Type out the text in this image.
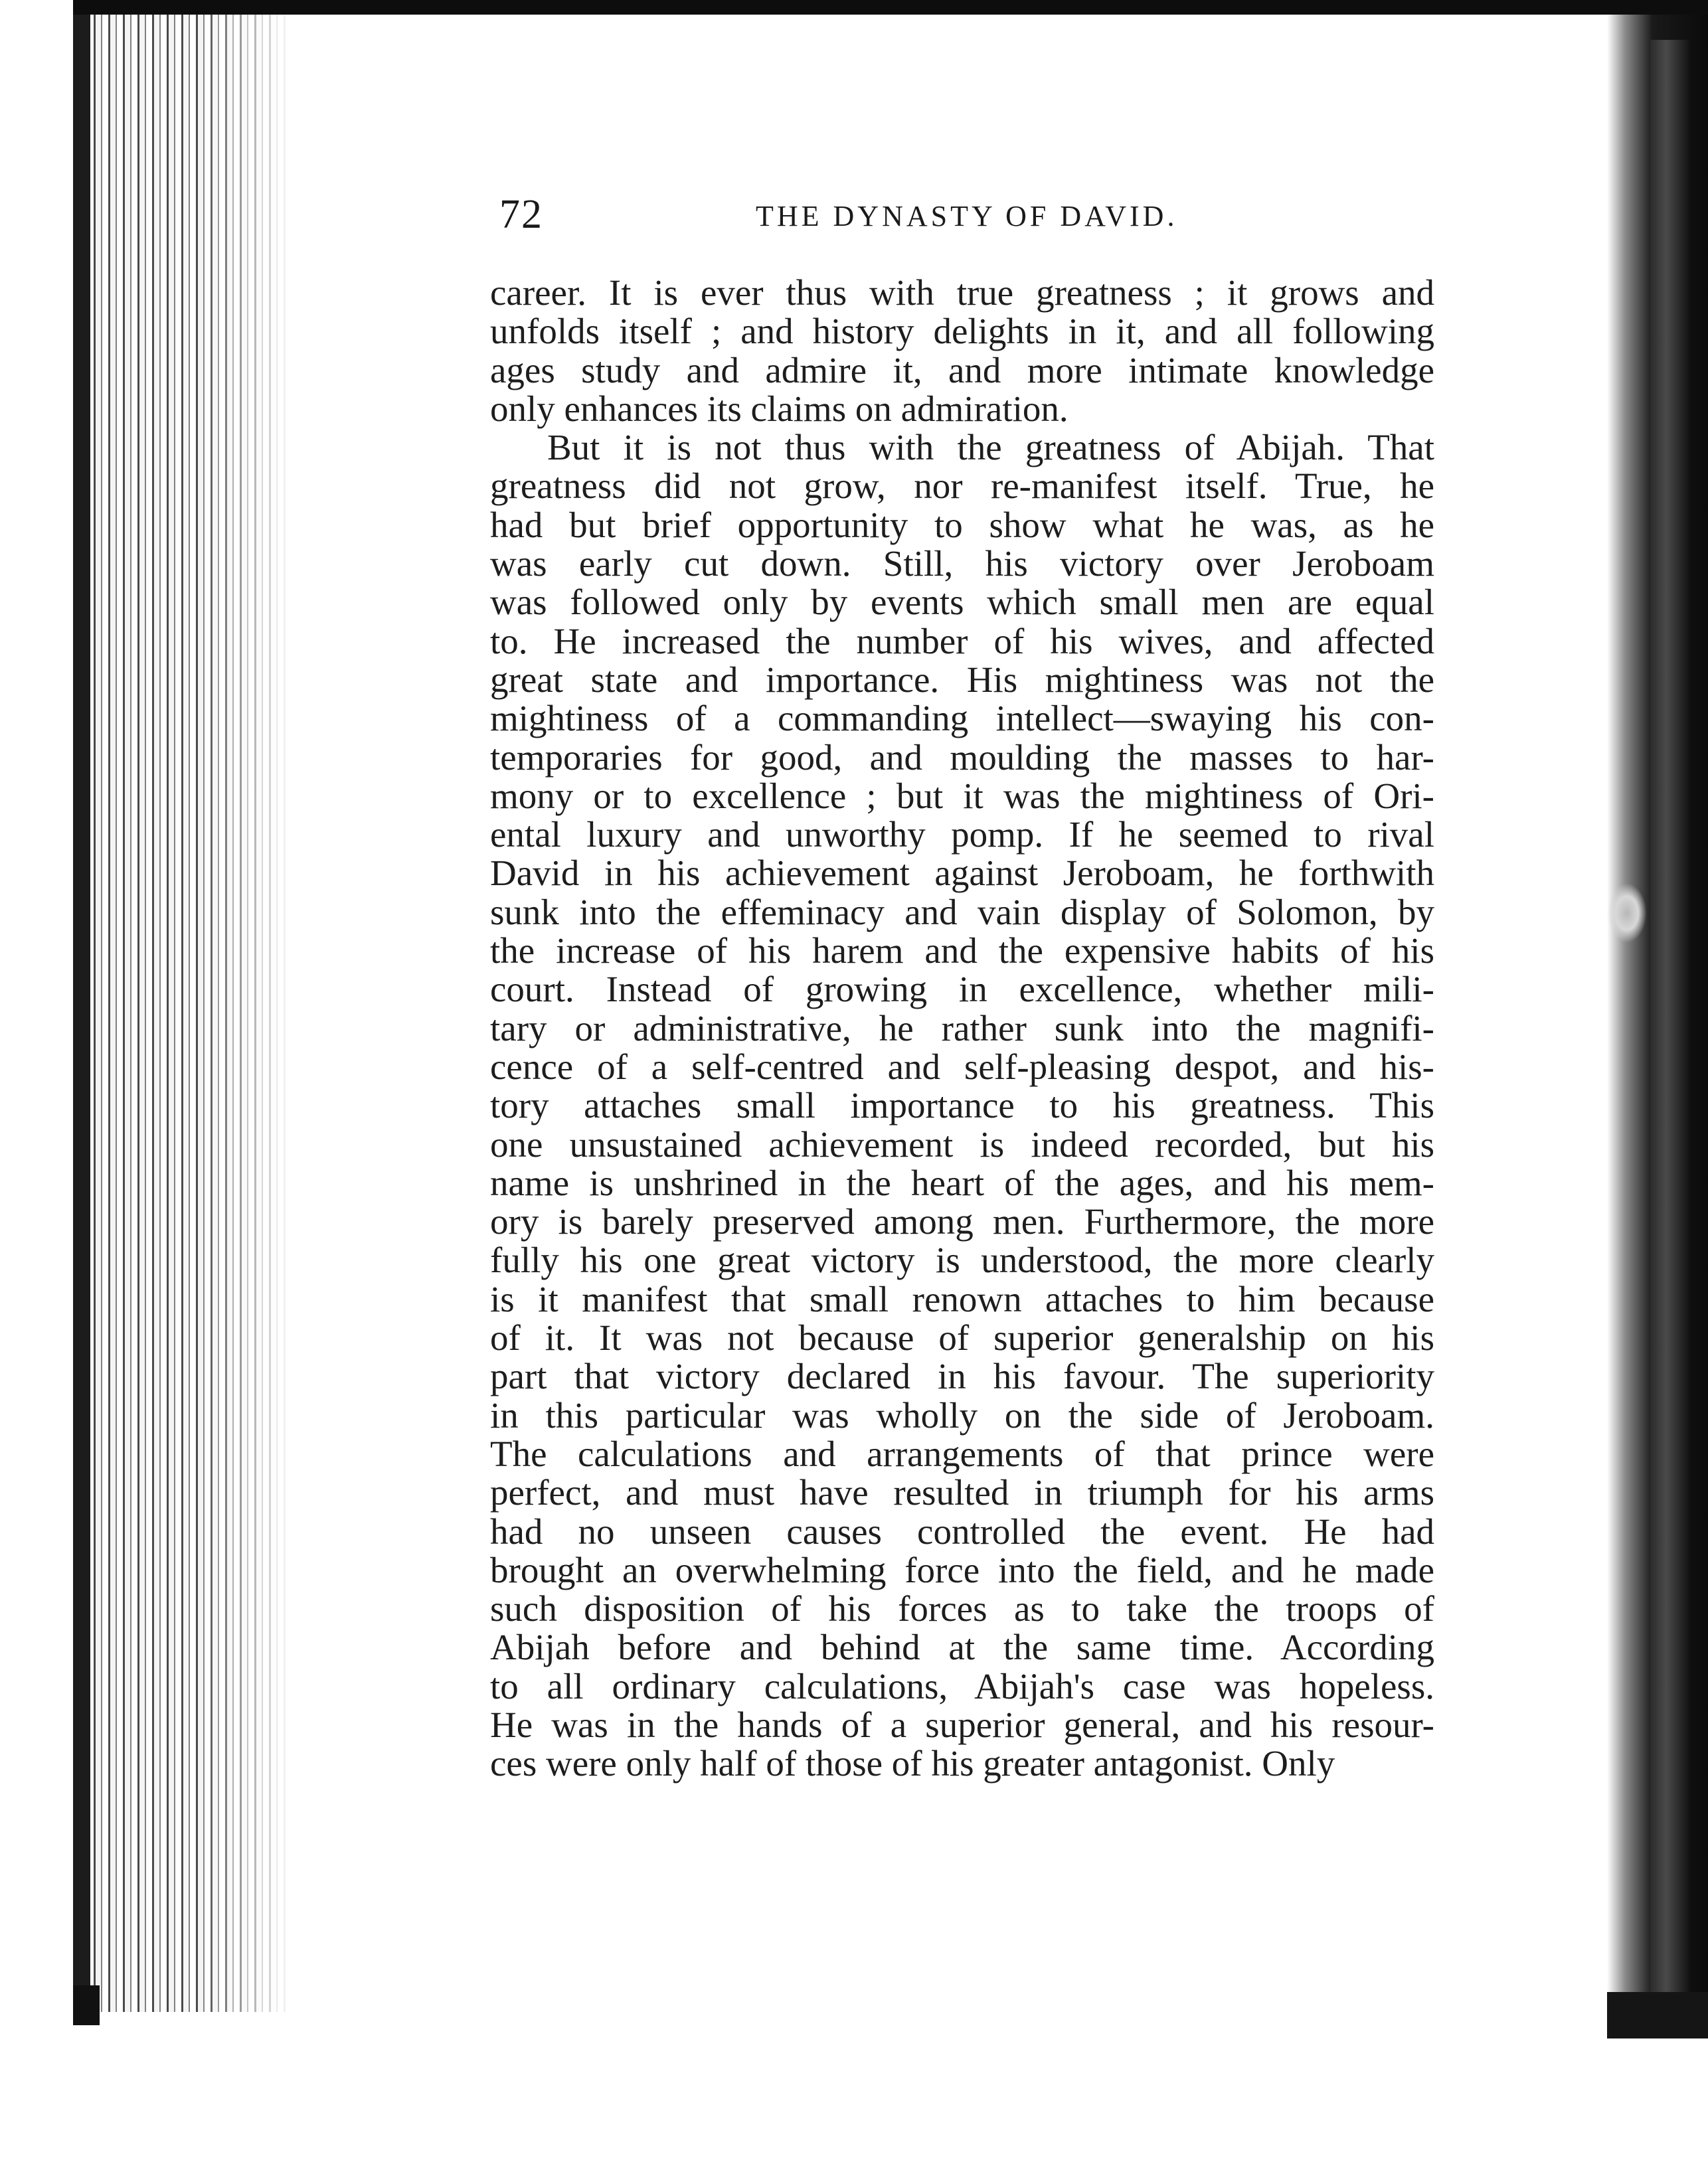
72	THE DYNASTY OF DAVID.
career. It is ever thus with true greatness ; it grows and
unfolds itself ; and history delights in it, and all following
ages study and admire it, and more intimate knowledge
only enhances its claims on admiration.
But it is not thus with the greatness of Abijah. That
greatness did not grow, nor re-manifest itself. True, he
had but brief opportunity to show what he was, as he
was early cut down. Still, his victory over Jeroboam
was followed only by events which small men are equal
to. He increased the number of his wives, and affected
great state and importance. His mightiness was not the
mightiness of a commanding intellect—swaying his con-
temporaries for good, and moulding the masses to har-
mony or to excellence ; but it was the mightiness of Ori-
ental luxury and unworthy pomp. If he seemed to rival
David in his achievement against Jeroboam, he forthwith
sunk into the effeminacy and vain display of Solomon, by
the increase of his harem and the expensive habits of his
court. Instead of growing in excellence, whether mili-
tary or administrative, he rather sunk into the magnifi-
cence of a self-centred and self-pleasing despot, and his-
tory attaches small importance to his greatness. This
one unsustained achievement is indeed recorded, but his
name is unshrined in the heart of the ages, and his mem-
ory is barely preserved among men. Furthermore, the more
fully his one great victory is understood, the more clearly
is it manifest that small renown attaches to him because
of it. It was not because of superior generalship on his
part that victory declared in his favour. The superiority
in this particular was wholly on the side of Jeroboam.
The calculations and arrangements of that prince were
perfect, and must have resulted in triumph for his arms
had no unseen causes controlled the event. He had
brought an overwhelming force into the field, and he made
such disposition of his forces as to take the troops of
Abijah before and behind at the same time. According
to all ordinary calculations, Abijah's case was hopeless.
He was in the hands of a superior general, and his resour-
ces were only half of those of his greater antagonist. Only
